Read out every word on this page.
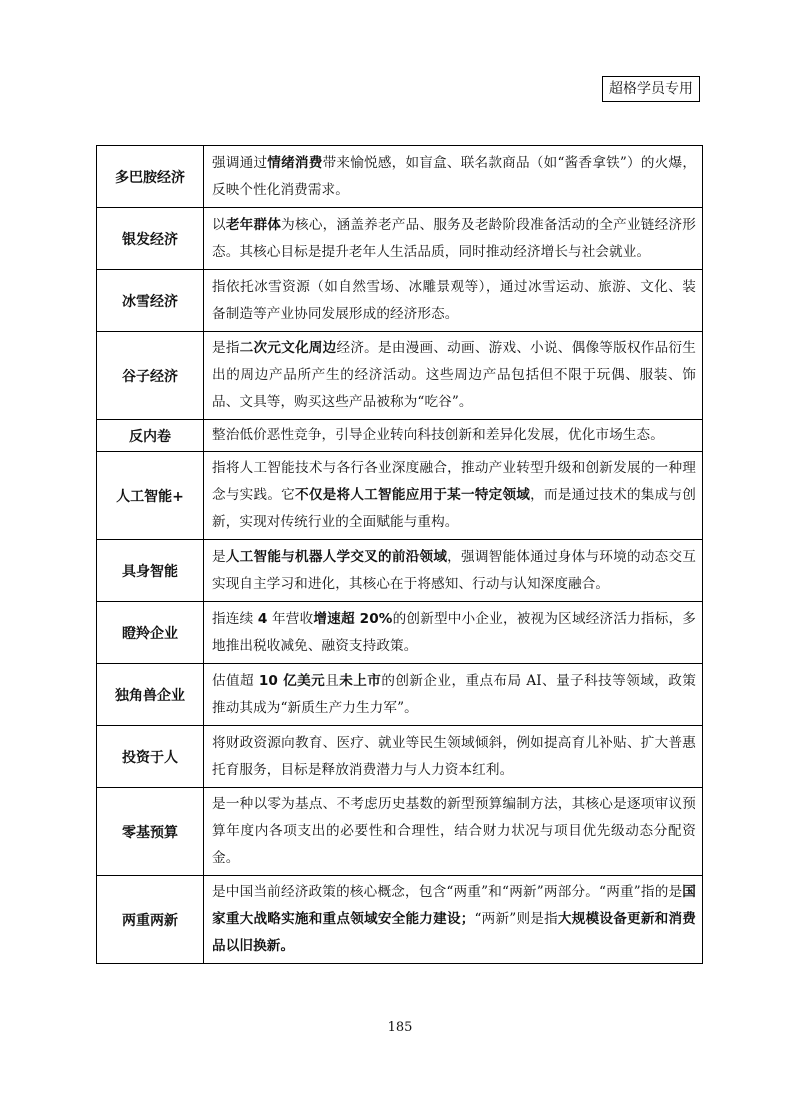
超格学员专用
多巴胺经济	强调通过情绪消费带来愉悦感，如盲盒、联名款商品（如“酱香拿铁”）的火爆，反映个性化消费需求。
银发经济	以老年群体为核心，涵盖养老产品、服务及老龄阶段准备活动的全产业链经济形态。其核心目标是提升老年人生活品质，同时推动经济增长与社会就业。
冰雪经济	指依托冰雪资源（如自然雪场、冰雕景观等），通过冰雪运动、旅游、文化、装备制造等产业协同发展形成的经济形态。
谷子经济	是指二次元文化周边经济。是由漫画、动画、游戏、小说、偶像等版权作品衍生出的周边产品所产生的经济活动。这些周边产品包括但不限于玩偶、服装、饰品、文具等，购买这些产品被称为“吃谷”。
反内卷	整治低价恶性竞争，引导企业转向科技创新和差异化发展，优化市场生态。
人工智能+	指将人工智能技术与各行各业深度融合，推动产业转型升级和创新发展的一种理念与实践。它不仅是将人工智能应用于某一特定领域，而是通过技术的集成与创新，实现对传统行业的全面赋能与重构。
具身智能	是人工智能与机器人学交叉的前沿领域，强调智能体通过身体与环境的动态交互实现自主学习和进化，其核心在于将感知、行动与认知深度融合。
瞪羚企业	指连续 4 年营收增速超 20%的创新型中小企业，被视为区域经济活力指标，多地推出税收减免、融资支持政策。
独角兽企业	估值超 10 亿美元且未上市的创新企业，重点布局 AI、量子科技等领域，政策推动其成为“新质生产力生力军”。
投资于人	将财政资源向教育、医疗、就业等民生领域倾斜，例如提高育儿补贴、扩大普惠托育服务，目标是释放消费潜力与人力资本红利。
零基预算	是一种以零为基点、不考虑历史基数的新型预算编制方法，其核心是逐项审议预算年度内各项支出的必要性和合理性，结合财力状况与项目优先级动态分配资金。
两重两新	是中国当前经济政策的核心概念，包含“两重”和“两新”两部分。“两重”指的是国家重大战略实施和重点领域安全能力建设；“两新”则是指大规模设备更新和消费品以旧换新。
185
